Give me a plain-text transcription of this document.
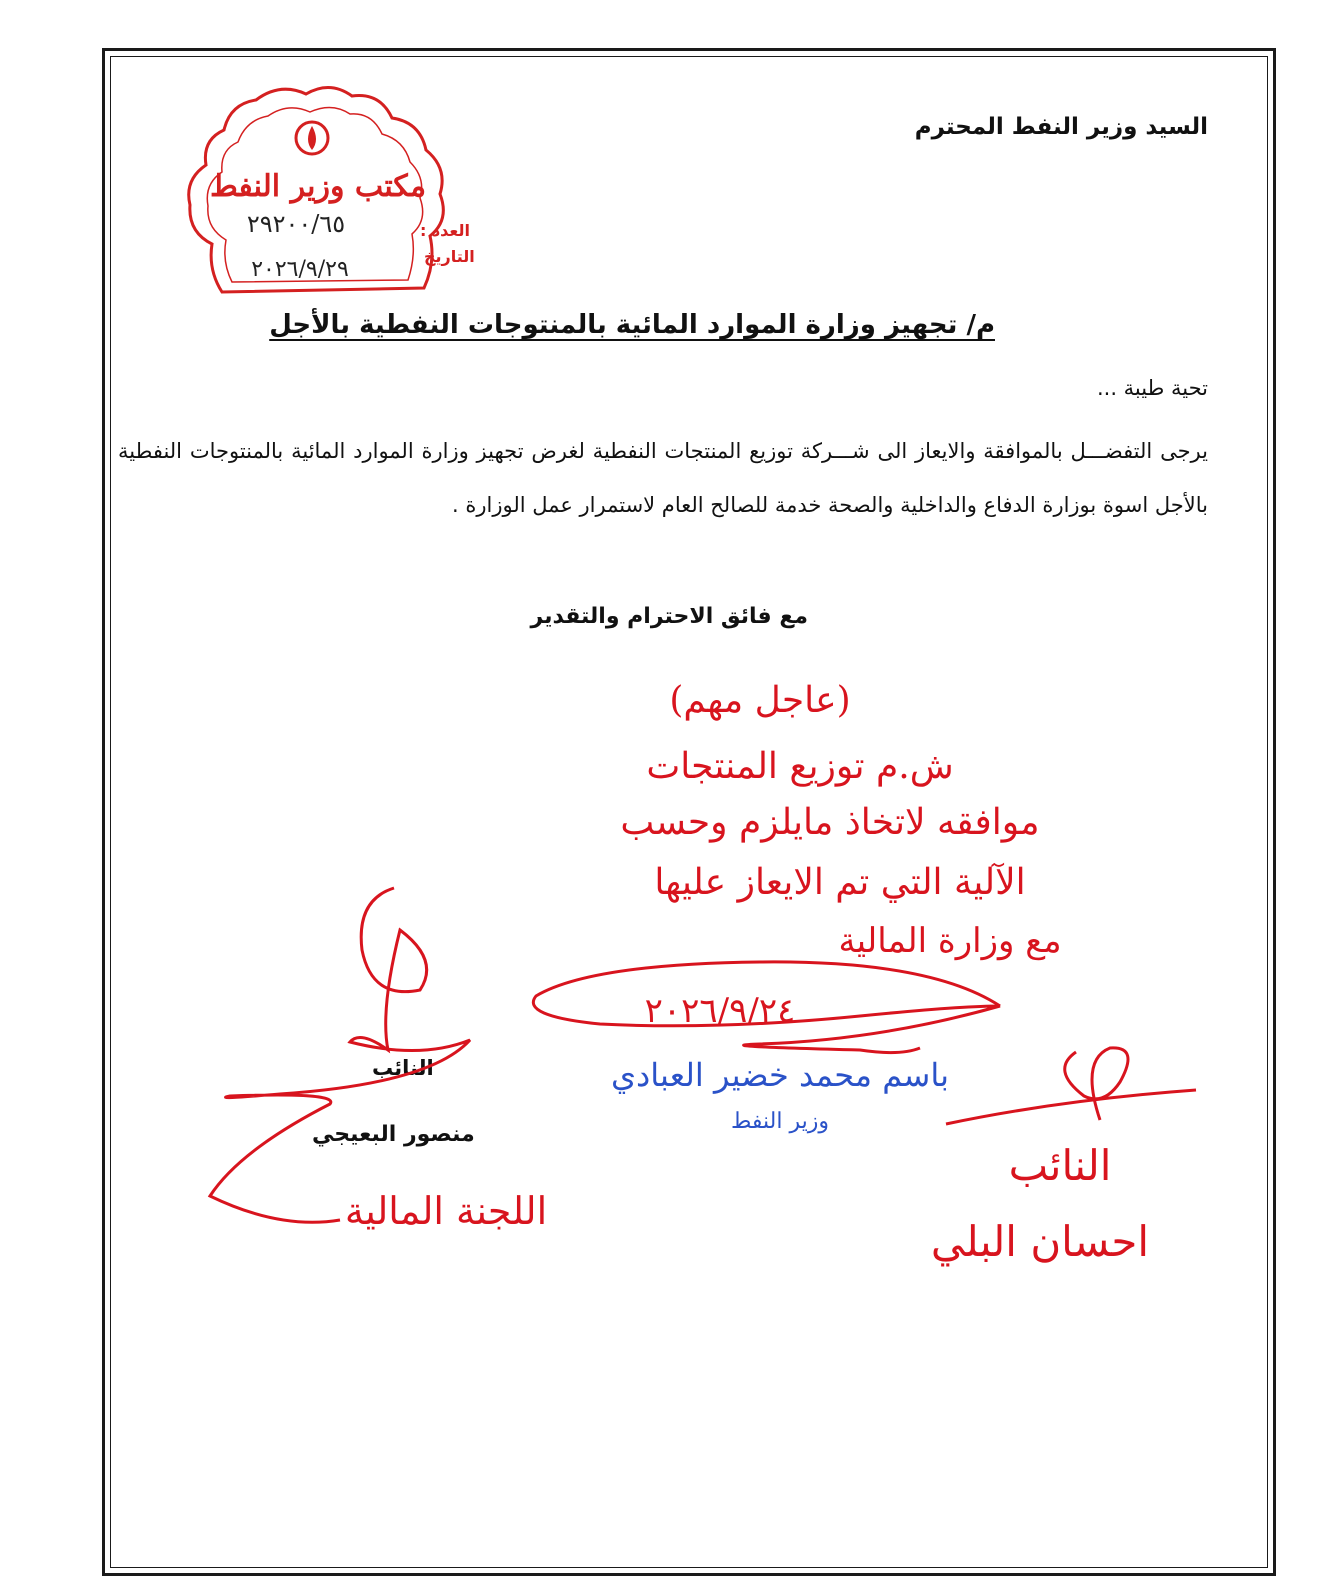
السيد وزير النفط المحترم
م/ تجهيز وزارة الموارد المائية بالمنتوجات النفطية بالأجل
تحية طيبة ...
يرجى التفضـــل بالموافقة والايعاز الى شـــركة توزيع المنتجات النفطية لغرض تجهيز وزارة الموارد المائية بالمنتوجات النفطية بالأجل اسوة بوزارة الدفاع والداخلية والصحة خدمة للصالح العام لاستمرار عمل الوزارة .
مع فائق الاحترام والتقدير
النائب
منصور البعيجي
مكتب وزير النفط
العدد :
٢٩٢٠٠/٦٥
التاريخ
٢٠٢٦/٩/٢٩
(عاجل مهم)
ش.م توزيع المنتجات
موافقه لاتخاذ مايلزم وحسب
الآلية التي تم الايعاز عليها
مع وزارة المالية
٢٠٢٦/٩/٢٤
باسم محمد خضير العبادي
وزير النفط
اللجنة المالية
النائب
احسان البلي
